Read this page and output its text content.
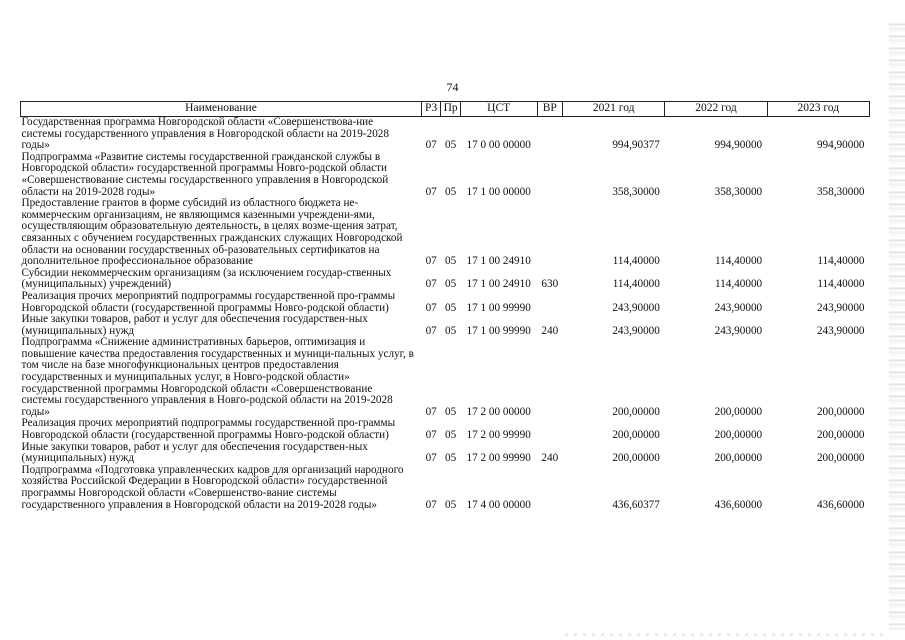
74
Наименование	РЗ	Пр	ЦСТ	ВР	2021 год	2022 год	2023 год
Государственная программа Новгородской области «Совершенствова-ние системы государственного управления в Новгородской области на 2019-2028 годы»	07	05	17 0 00 00000		994,90377	994,90000	994,90000
Подпрограмма «Развитие системы государственной гражданской службы в Новгородской области» государственной программы Новго-родской области «Совершенствование системы государственного управления в Новгородской области на 2019-2028 годы»	07	05	17 1 00 00000		358,30000	358,30000	358,30000
Предоставление грантов в форме субсидий из областного бюджета не-коммерческим организациям, не являющимся казенными учреждени-ями, осуществляющим образовательную деятельность, в целях возме-щения затрат, связанных с обучением государственных гражданских служащих Новгородской области на основании государственных об-разовательных сертификатов на дополнительное профессиональное образование	07	05	17 1 00 24910		114,40000	114,40000	114,40000
Субсидии некоммерческим организациям (за исключением государ-ственных (муниципальных) учреждений)	07	05	17 1 00 24910	630	114,40000	114,40000	114,40000
Реализация прочих мероприятий подпрограммы государственной про-граммы Новгородской области (государственной программы Новго-родской области)	07	05	17 1 00 99990		243,90000	243,90000	243,90000
Иные закупки товаров, работ и услуг для обеспечения государствен-ных (муниципальных) нужд	07	05	17 1 00 99990	240	243,90000	243,90000	243,90000
Подпрограмма «Снижение административных барьеров, оптимизация и повышение качества предоставления государственных и муници-пальных услуг, в том числе на базе многофункциональных центров предоставления государственных и муниципальных услуг, в Новго-родской области» государственной программы Новгородской области «Совершенствование системы государственного управления в Новго-родской области на 2019-2028 годы»	07	05	17 2 00 00000		200,00000	200,00000	200,00000
Реализация прочих мероприятий подпрограммы государственной про-граммы Новгородской области (государственной программы Новго-родской области)	07	05	17 2 00 99990		200,00000	200,00000	200,00000
Иные закупки товаров, работ и услуг для обеспечения государствен-ных (муниципальных) нужд	07	05	17 2 00 99990	240	200,00000	200,00000	200,00000
Подпрограмма «Подготовка управленческих кадров для организаций народного хозяйства Российской Федерации в Новгородской области» государственной программы Новгородской области «Совершенство-вание системы государственного управления в Новгородской области на 2019-2028 годы»	07	05	17 4 00 00000		436,60377	436,60000	436,60000
